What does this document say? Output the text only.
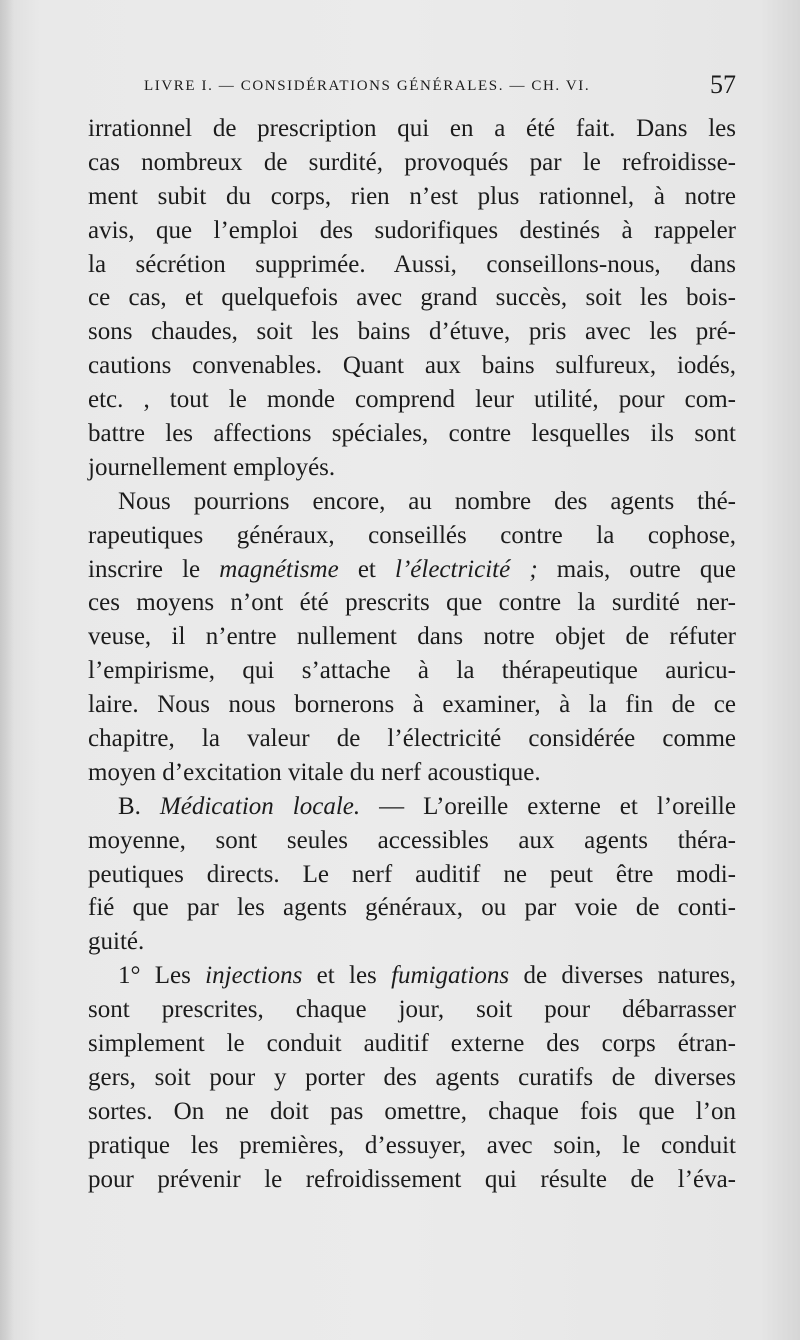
LIVRE I. — CONSIDÉRATIONS GÉNÉRALES. — CH. VI.	57
irrationnel de prescription qui en a été fait. Dans les
cas nombreux de surdité, provoqués par le refroidisse-
ment subit du corps, rien n’est plus rationnel, à notre
avis, que l’emploi des sudorifiques destinés à rappeler
la sécrétion supprimée. Aussi, conseillons-nous, dans
ce cas, et quelquefois avec grand succès, soit les bois-
sons chaudes, soit les bains d’étuve, pris avec les pré-
cautions convenables. Quant aux bains sulfureux, iodés,
etc. , tout le monde comprend leur utilité, pour com-
battre les affections spéciales, contre lesquelles ils sont
journellement employés.
Nous pourrions encore, au nombre des agents thé-
rapeutiques généraux, conseillés contre la cophose,
inscrire le magnétisme et l’électricité ; mais, outre que
ces moyens n’ont été prescrits que contre la surdité ner-
veuse, il n’entre nullement dans notre objet de réfuter
l’empirisme, qui s’attache à la thérapeutique auricu-
laire. Nous nous bornerons à examiner, à la fin de ce
chapitre, la valeur de l’électricité considérée comme
moyen d’excitation vitale du nerf acoustique.
B. Médication locale. — L’oreille externe et l’oreille
moyenne, sont seules accessibles aux agents théra-
peutiques directs. Le nerf auditif ne peut être modi-
fié que par les agents généraux, ou par voie de conti-
guité.
1° Les injections et les fumigations de diverses natures,
sont prescrites, chaque jour, soit pour débarrasser
simplement le conduit auditif externe des corps étran-
gers, soit pour y porter des agents curatifs de diverses
sortes. On ne doit pas omettre, chaque fois que l’on
pratique les premières, d’essuyer, avec soin, le conduit
pour prévenir le refroidissement qui résulte de l’éva-
